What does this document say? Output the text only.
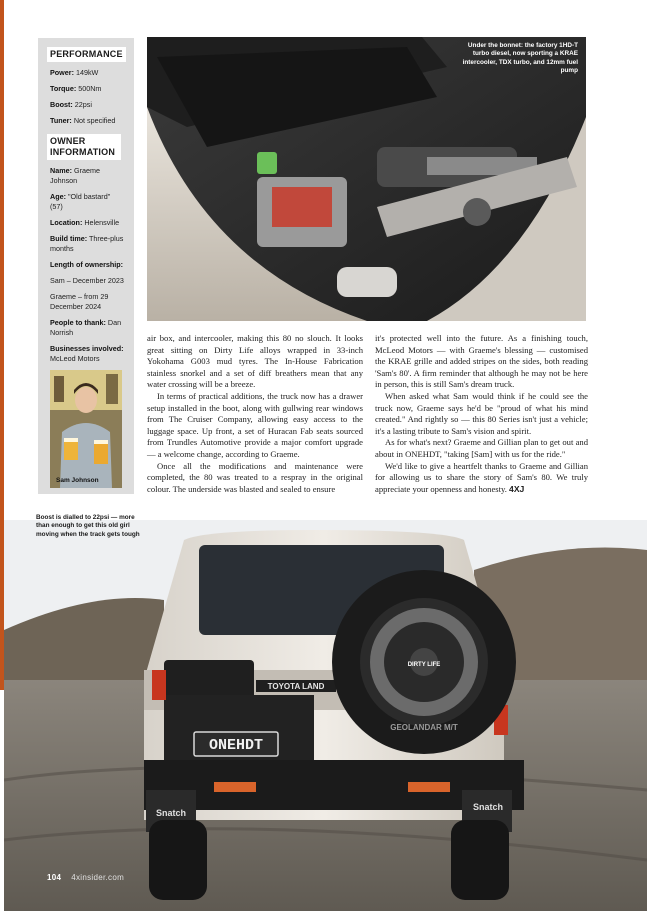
PERFORMANCE
Power: 149kW
Torque: 500Nm
Boost: 22psi
Tuner: Not specified
OWNER INFORMATION
Name: Graeme Johnson
Age: "Old bastard" (57)
Location: Helensville
Build time: Three-plus months
Length of ownership:
Sam – December 2023
Graeme – from 29 December 2024
People to thank: Dan Norrish
Businesses involved: McLeod Motors
Sam Johnson
Under the bonnet: the factory 1HD-T turbo diesel, now sporting a KRAE intercooler, TDX turbo, and 12mm fuel pump

air box, and intercooler, making this 80 no slouch. It looks great sitting on Dirty Life alloys wrapped in 33-inch Yokohama G003 mud tyres. The In-House Fabrication stainless snorkel and a set of diff breathers mean that any water crossing will be a breeze.

In terms of practical additions, the truck now has a drawer setup installed in the boot, along with gullwing rear windows from The Cruiser Company, allowing easy access to the luggage space. Up front, a set of Huracan Fab seats sourced from Trundles Automotive provide a major comfort upgrade — a welcome change, according to Graeme.

Once all the modifications and maintenance were completed, the 80 was treated to a respray in the original colour. The underside was blasted and sealed to ensure

it's protected well into the future. As a finishing touch, McLeod Motors — with Graeme's blessing — customised the KRAE grille and added stripes on the sides, both reading 'Sam's 80'. A firm reminder that although he may not be here in person, this is still Sam's dream truck.

When asked what Sam would think if he could see the truck now, Graeme says he'd be "proud of what his mind created." And rightly so — this 80 Series isn't just a vehicle; it's a lasting tribute to Sam's vision and spirit.

As for what's next? Graeme and Gillian plan to get out and about in ONEHDT, "taking [Sam] with us for the ride."

We'd like to give a heartfelt thanks to Graeme and Gillian for allowing us to share the story of Sam's 80. We truly appreciate your openness and honesty. 4XJ

ONEHDT
TOYOTA LAND
Snatch
Snatch
DIRTY LIFE
GEOLANDAR M/T
Boost is dialled to 22psi — more than enough to get this old girl moving when the track gets tough
104 4xinsider.com
